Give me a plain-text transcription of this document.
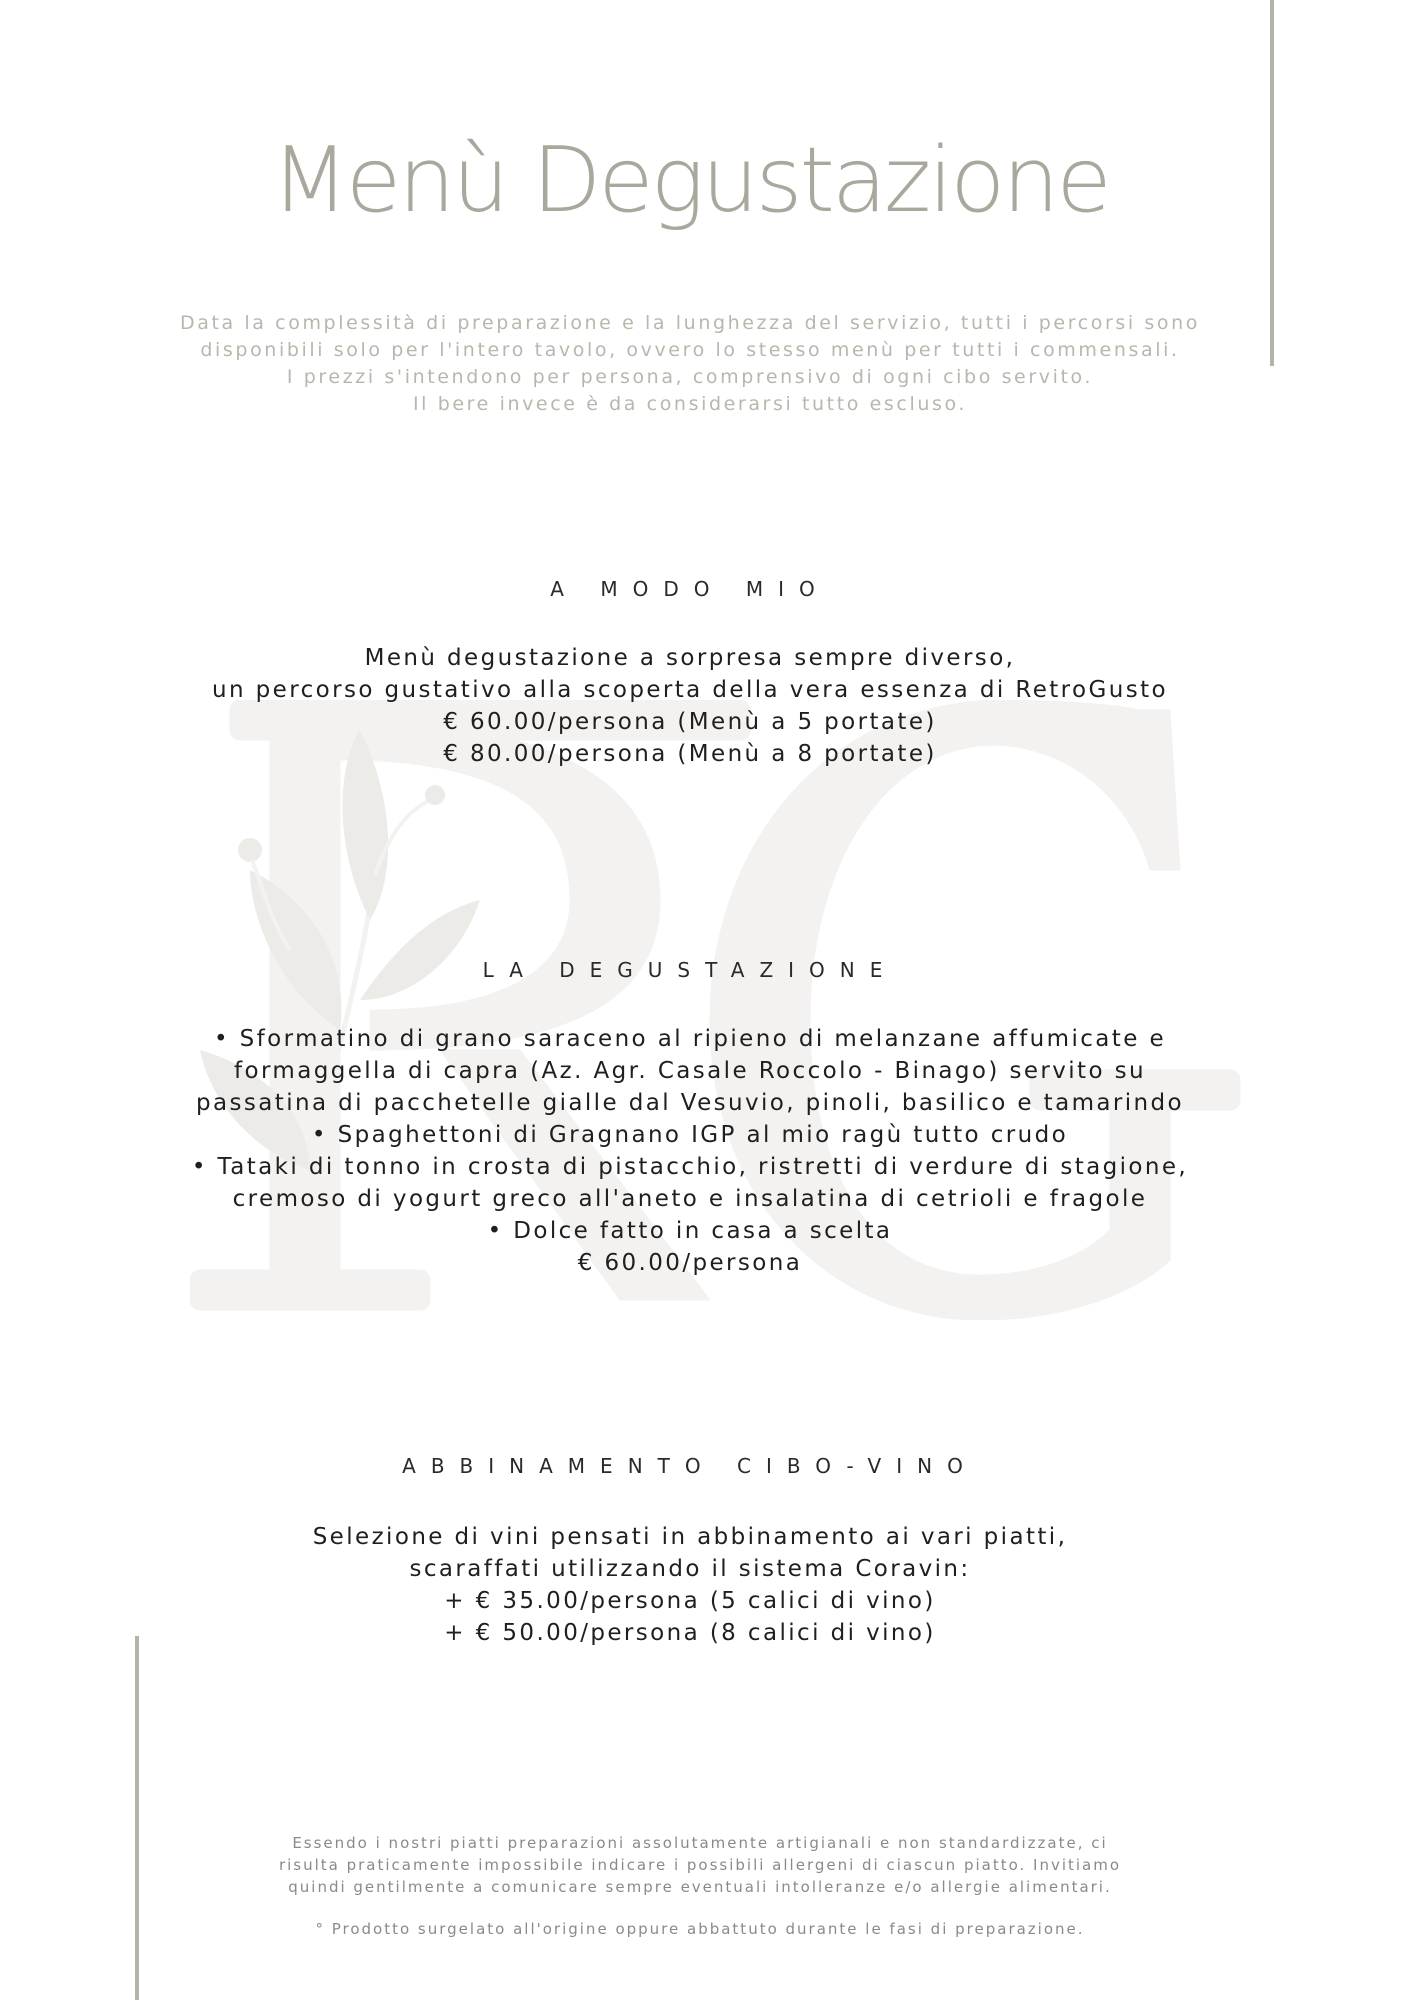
Menù Degustazione
Data la complessità di preparazione e la lunghezza del servizio, tutti i percorsi sono
disponibili solo per l'intero tavolo, ovvero lo stesso menù per tutti i commensali.
I prezzi s'intendono per persona, comprensivo di ogni cibo servito.
Il bere invece è da considerarsi tutto escluso.
A MODO MIO
Menù degustazione a sorpresa sempre diverso,
un percorso gustativo alla scoperta della vera essenza di RetroGusto
€ 60.00/persona (Menù a 5 portate)
€ 80.00/persona (Menù a 8 portate)
LA DEGUSTAZIONE
• Sformatino di grano saraceno al ripieno di melanzane affumicate e
formaggella di capra (Az. Agr. Casale Roccolo - Binago) servito su
passatina di pacchetelle gialle dal Vesuvio, pinoli, basilico e tamarindo
• Spaghettoni di Gragnano IGP al mio ragù tutto crudo
• Tataki di tonno in crosta di pistacchio, ristretti di verdure di stagione,
cremoso di yogurt greco all'aneto e insalatina di cetrioli e fragole
• Dolce fatto in casa a scelta
€ 60.00/persona
ABBINAMENTO CIBO-VINO
Selezione di vini pensati in abbinamento ai vari piatti,
scaraffati utilizzando il sistema Coravin:
+ € 35.00/persona (5 calici di vino)
+ € 50.00/persona (8 calici di vino)
Essendo i nostri piatti preparazioni assolutamente artigianali e non standardizzate, ci
risulta praticamente impossibile indicare i possibili allergeni di ciascun piatto. Invitiamo
quindi gentilmente a comunicare sempre eventuali intolleranze e/o allergie alimentari.
° Prodotto surgelato all'origine oppure abbattuto durante le fasi di preparazione.
